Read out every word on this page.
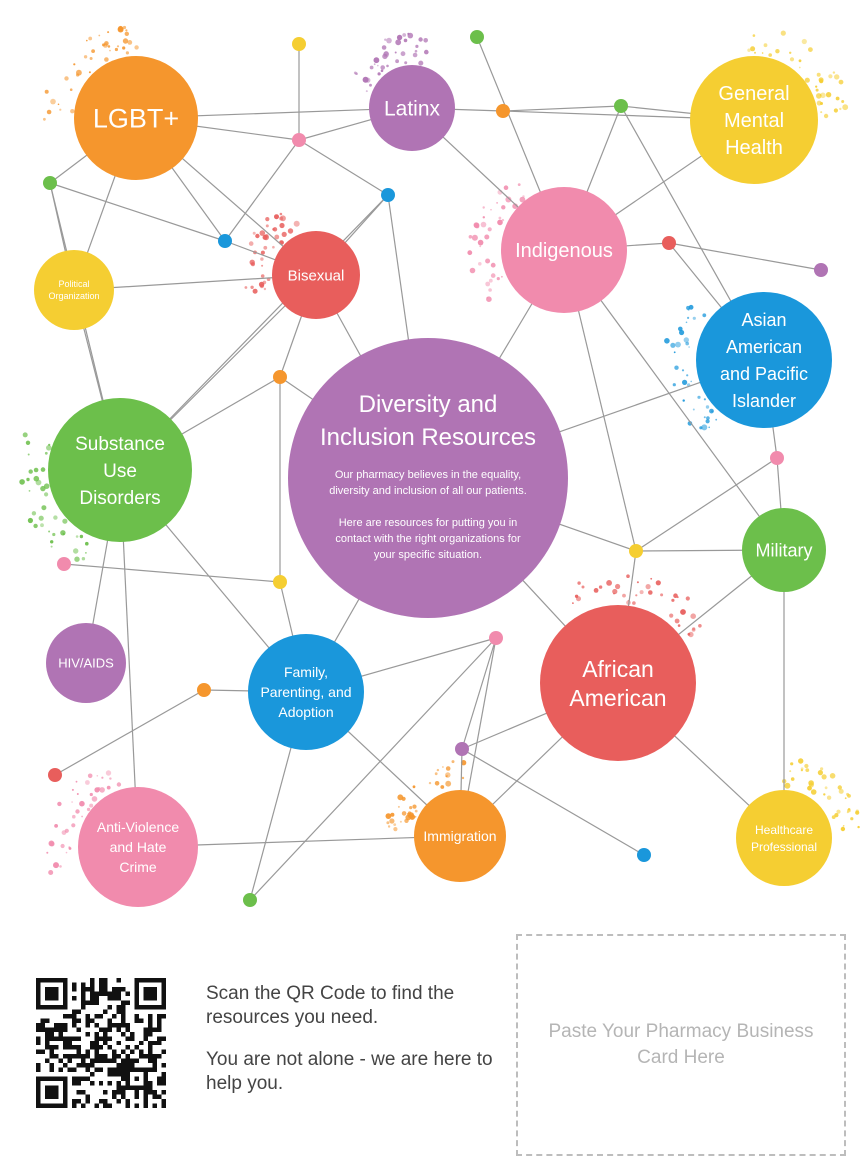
Diversity and
Inclusion Resources
Our pharmacy believes in the equality,
diversity and inclusion of all our patients.
Here are resources for putting you in
contact with the right organizations for
your specific situation.
LGBT+	Latinx
General
Mental
Health
Political
Organization
Bisexual
Indigenous
Asian
American
and Pacific
Islander
Substance
Use
Disorders
Military
HIV/AIDS
Family,
Parenting, and
Adoption
African
American
Anti-Violence
and Hate
Crime
Immigration	Healthcare
Professional

Scan the QR Code to find the resources you need.

You are not alone - we are here to help you.

Paste Your Pharmacy Business Card Here
